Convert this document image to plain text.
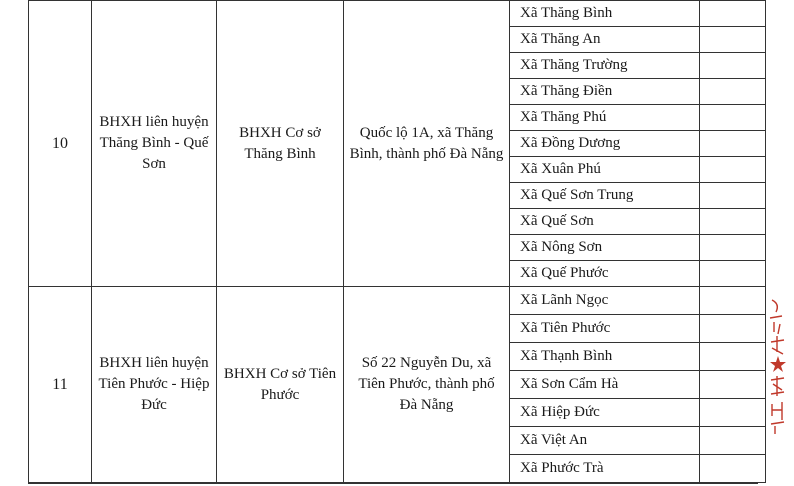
10	BHXH liên huyện Thăng Bình - Quế Sơn	BHXH Cơ sở Thăng Bình	Quốc lộ 1A, xã Thăng Bình, thành phố Đà Nẵng	Xã Thăng Bình	
				Xã Thăng An	
				Xã Thăng Trường	
				Xã Thăng Điền	
				Xã Thăng Phú	
				Xã Đồng Dương	
				Xã Xuân Phú	
				Xã Quế Sơn Trung	
				Xã Quế Sơn	
				Xã Nông Sơn	
				Xã Quế Phước	
11	BHXH liên huyện Tiên Phước - Hiệp Đức	BHXH Cơ sở Tiên Phước	Số 22 Nguyễn Du, xã Tiên Phước, thành phố Đà Nẵng	Xã Lãnh Ngọc	
				Xã Tiên Phước	
				Xã Thạnh Bình	
				Xã Sơn Cẩm Hà	
				Xã Hiệp Đức	
				Xã Việt An	
				Xã Phước Trà	
